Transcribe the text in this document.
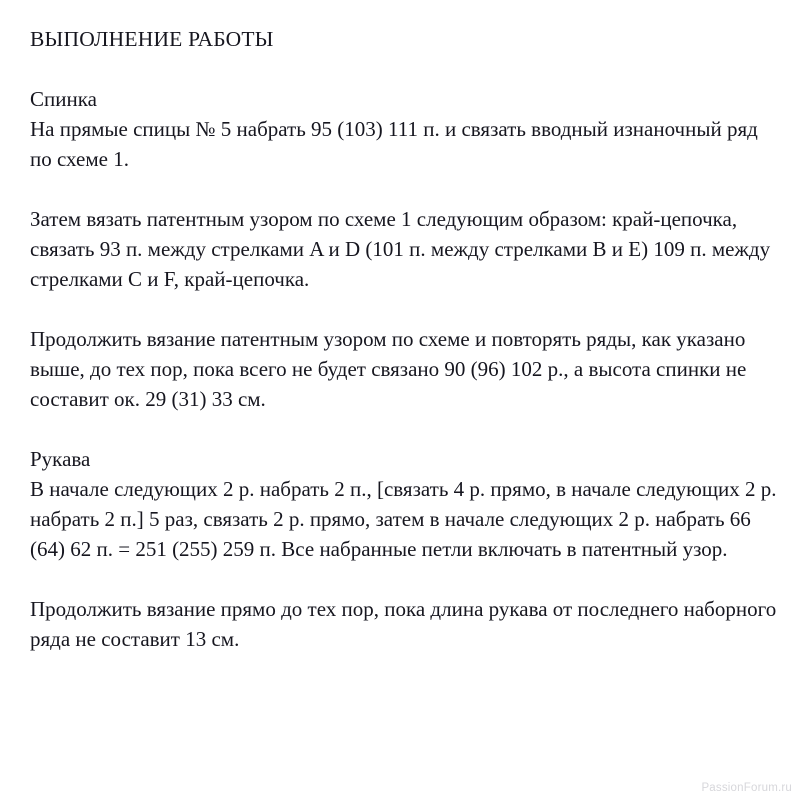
ВЫПОЛНЕНИЕ РАБОТЫ

Спинка

На прямые спицы № 5 набрать 95 (103) 111 п. и связать вводный изнаночный ряд по схеме 1.

Затем вязать патентным узором по схеме 1 следующим образом: край-цепочка, связать 93 п. между стрелками A и D (101 п. между стрелками B и E) 109 п. между стрелками C и F, край-цепочка.

Продолжить вязание патентным узором по схеме и повторять ряды, как указано выше, до тех пор, пока всего не будет связано 90 (96) 102 р., а высота спинки не составит ок. 29 (31) 33 см.

Рукава

В начале следующих 2 р. набрать 2 п., [связать 4 р. прямо, в начале следующих 2 р. набрать 2 п.] 5 раз, связать 2 р. прямо, затем в начале следующих 2 р. набрать 66 (64) 62 п. = 251 (255) 259 п. Все набранные петли включать в патентный узор.

Продолжить вязание прямо до тех пор, пока длина рукава от последнего наборного ряда не составит 13 см.

PassionForum.ru
